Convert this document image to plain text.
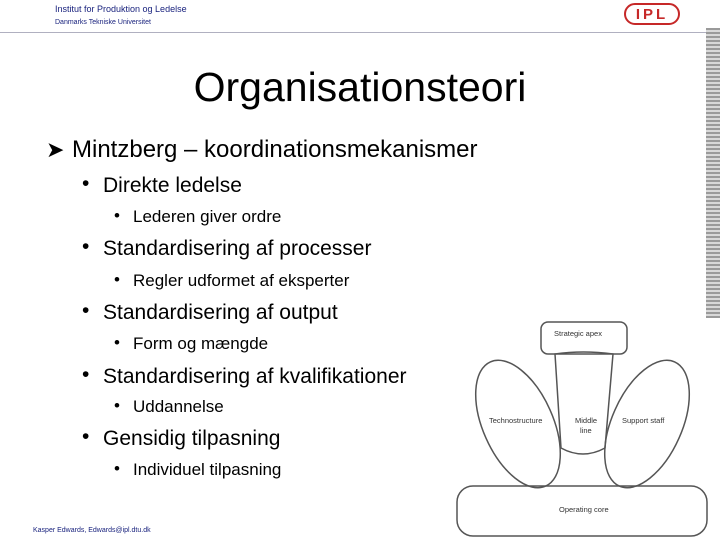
Institut for Produktion og Ledelse
Danmarks Tekniske Universitet	IPL
Organisationsteori
➤ Mintzberg – koordinationsmekanismer
• Direkte ledelse
• Lederen giver ordre
• Standardisering af processer
• Regler udformet af eksperter
• Standardisering af output
• Form og mængde
• Standardisering af kvalifikationer
• Uddannelse
• Gensidig tilpasning
• Individuel tilpasning
Strategic apex
Technostructure	Middle
line
Support staff
Operating core
Kasper Edwards, Edwards@ipl.dtu.dk
